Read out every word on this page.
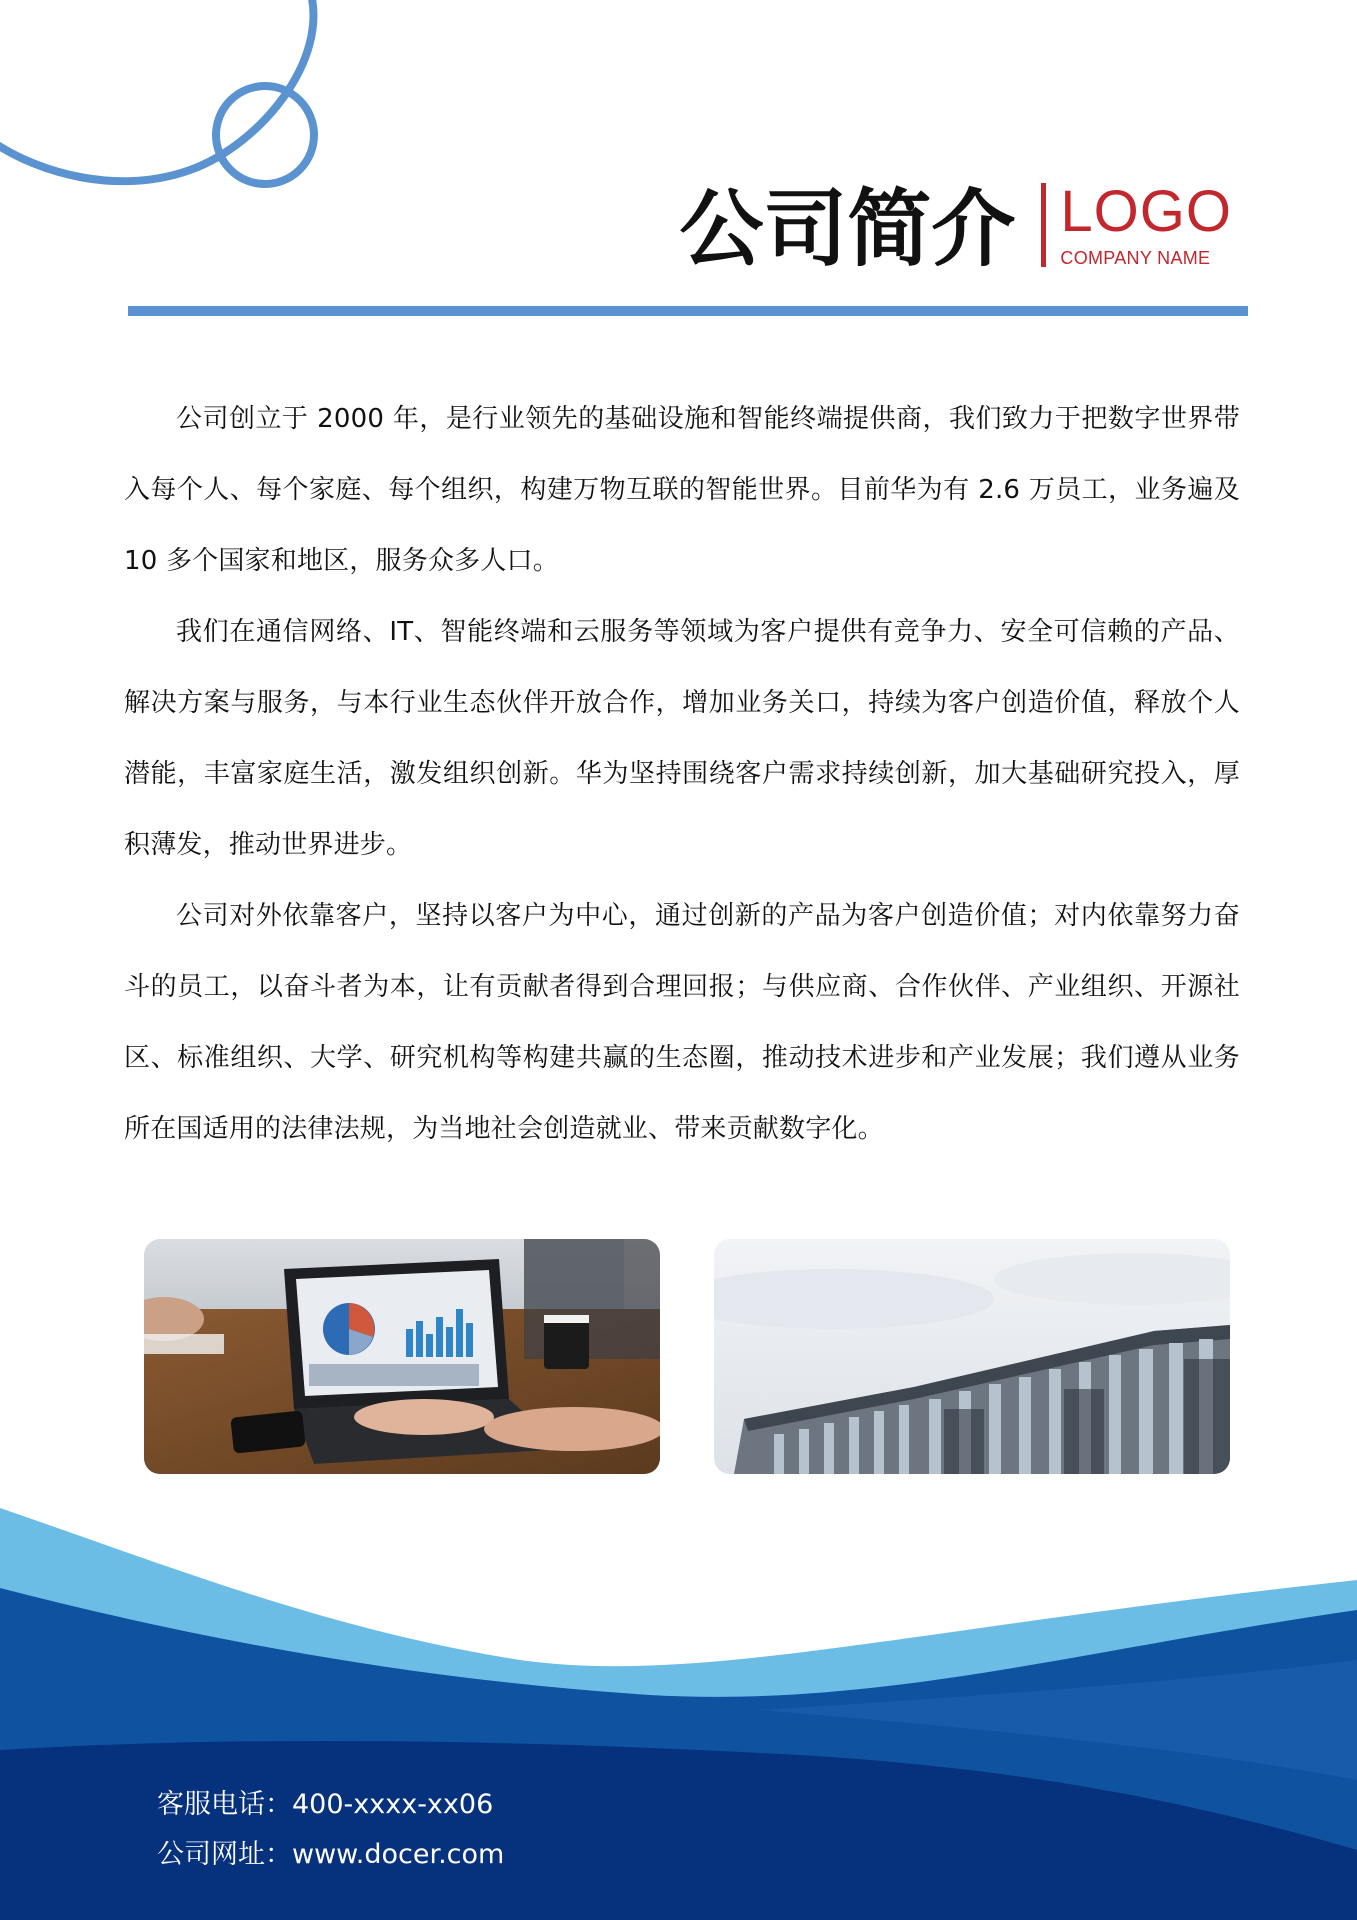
公司简介 LOGO
COMPANY NAME

公司创立于 2000 年，是行业领先的基础设施和智能终端提供商，我们致力于把数字世界带入每个人、每个家庭、每个组织，构建万物互联的智能世界。目前华为有 2.6 万员工，业务遍及 10 多个国家和地区，服务众多人口。

我们在通信网络、IT、智能终端和云服务等领域为客户提供有竞争力、安全可信赖的产品、解决方案与服务，与本行业生态伙伴开放合作，增加业务关口，持续为客户创造价值，释放个人潜能，丰富家庭生活，激发组织创新。华为坚持围绕客户需求持续创新，加大基础研究投入，厚积薄发，推动世界进步。

公司对外依靠客户，坚持以客户为中心，通过创新的产品为客户创造价值；对内依靠努力奋斗的员工，以奋斗者为本，让有贡献者得到合理回报；与供应商、合作伙伴、产业组织、开源社区、标准组织、大学、研究机构等构建共赢的生态圈，推动技术进步和产业发展；我们遵从业务所在国适用的法律法规，为当地社会创造就业、带来贡献数字化。

客服电话：400-xxxx-xx06
公司网址：www.docer.com
